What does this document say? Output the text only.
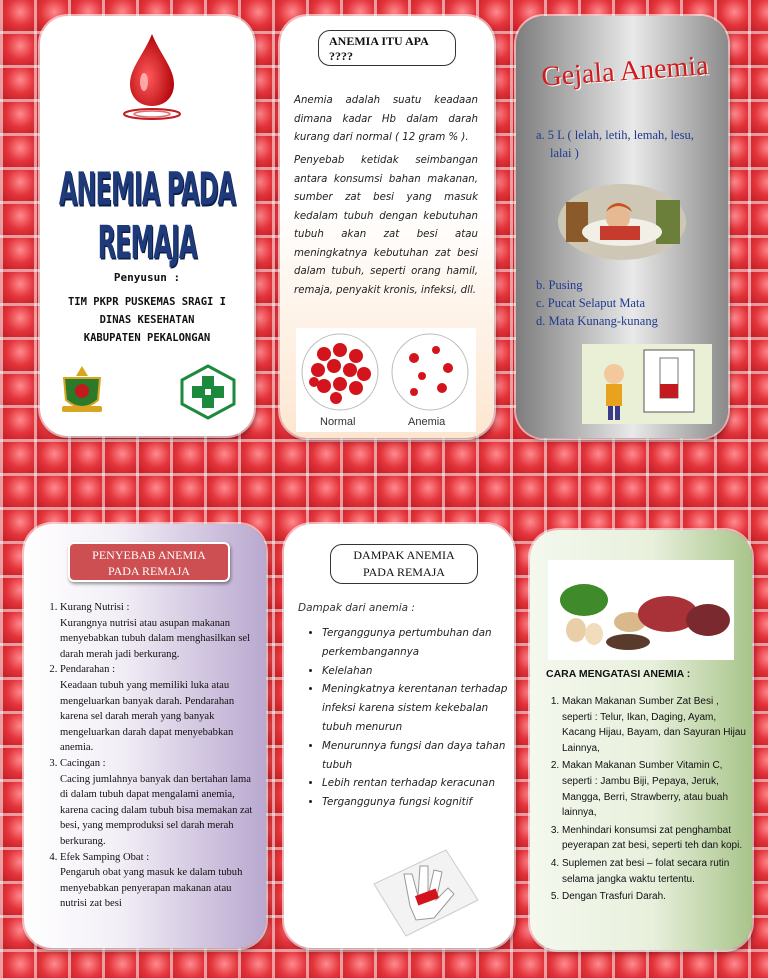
ANEMIA PADA REMAJA
Penyusun :
TIM PKPR PUSKEMAS SRAGI I
DINAS KESEHATAN
KABUPATEN PEKALONGAN
ANEMIA ITU APA ????
Anemia adalah suatu keadaan dimana kadar Hb dalam darah kurang dari normal ( 12 gram % ).
Penyebab ketidak seimbangan antara konsumsi bahan makanan, sumber zat besi yang masuk kedalam tubuh dengan kebutuhan tubuh akan zat besi atau meningkatnya kebutuhan zat besi dalam tubuh, seperti orang hamil, remaja, penyakit kronis, infeksi, dll.
Normal	Anemia
Gejala Anemia
a. 5 L ( lelah, letih, lemah, lesu,
lalai )
b. Pusing
c. Pucat Selaput Mata
d. Mata Kunang-kunang
PENYEBAB ANEMIA
PADA REMAJA
1. Kurang Nutrisi :
Kurangnya nutrisi atau asupan makanan menyebabkan tubuh dalam menghasilkan sel darah merah jadi berkurang.
2. Pendarahan :
Keadaan tubuh yang memiliki luka atau mengeluarkan banyak darah. Pendarahan karena sel darah merah yang banyak mengeluarkan darah dapat menyebabkan anemia.
3. Cacingan :
Cacing jumlahnya banyak dan bertahan lama di dalam tubuh dapat mengalami anemia, karena cacing dalam tubuh bisa memakan zat besi, yang memproduksi sel darah merah berkurang.
4. Efek Samping Obat :
Pengaruh obat yang masuk ke dalam tubuh menyebabkan penyerapan makanan atau nutrisi zat besi
DAMPAK ANEMIA
PADA REMAJA
Dampak dari anemia :
• Terganggunya pertumbuhan dan perkembangannya
• Kelelahan
• Meningkatnya kerentanan terhadap infeksi karena sistem kekebalan tubuh menurun
• Menurunnya fungsi dan daya tahan tubuh
• Lebih rentan terhadap keracunan
• Terganggunya fungsi kognitif
CARA MENGATASI ANEMIA :
1. Makan Makanan Sumber Zat Besi , seperti : Telur, Ikan, Daging, Ayam, Kacang Hijau, Bayam, dan Sayuran Hijau Lainnya,
2. Makan Makanan Sumber Vitamin C, seperti : Jambu Biji, Pepaya, Jeruk, Mangga, Berri, Strawberry, atau buah lainnya,
3. Menhindari konsumsi zat penghambat peyerapan zat besi, seperti teh dan kopi.
4. Suplemen zat besi – folat secara rutin selama jangka waktu tertentu.
5. Dengan Trasfuri Darah.
